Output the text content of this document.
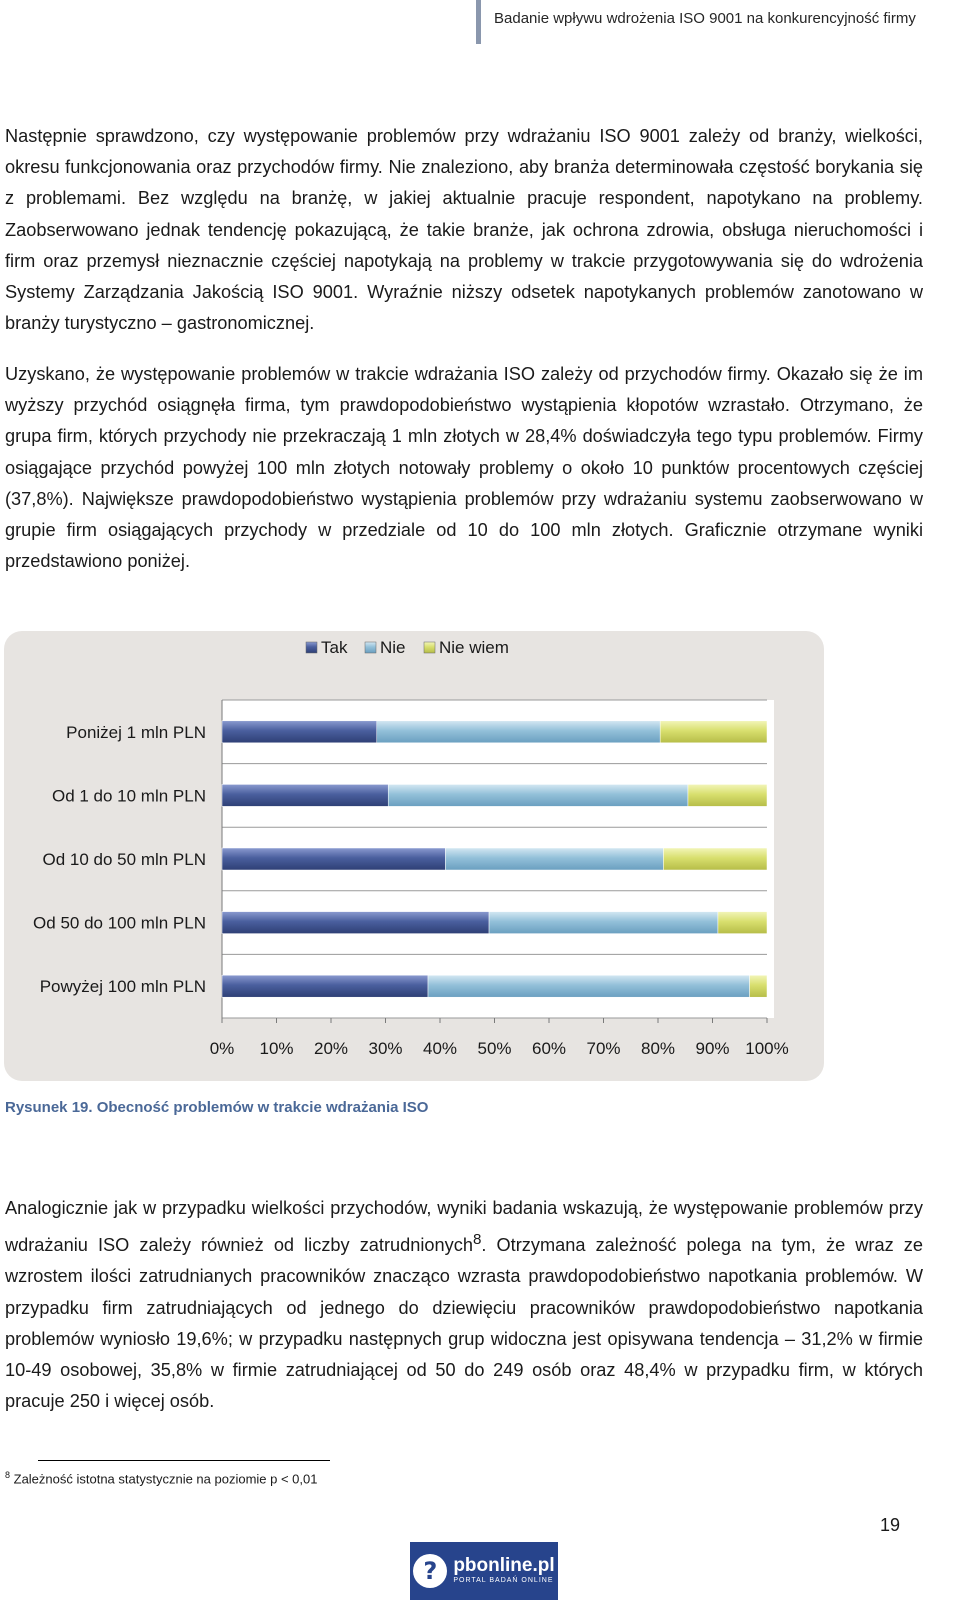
Badanie wpływu wdrożenia ISO 9001 na konkurencyjność firmy

Następnie sprawdzono, czy występowanie problemów przy wdrażaniu ISO 9001 zależy od branży, wielkości, okresu funkcjonowania oraz przychodów firmy. Nie znaleziono, aby branża determinowała częstość borykania się z problemami. Bez względu na branżę, w jakiej aktualnie pracuje respondent, napotykano na problemy. Zaobserwowano jednak tendencję pokazującą, że takie branże, jak ochrona zdrowia, obsługa nieruchomości i firm oraz przemysł nieznacznie częściej napotykają na problemy w trakcie przygotowywania się do wdrożenia Systemy Zarządzania Jakością ISO 9001. Wyraźnie niższy odsetek napotykanych problemów zanotowano w branży turystyczno – gastronomicznej.

Uzyskano, że występowanie problemów w trakcie wdrażania ISO zależy od przychodów firmy. Okazało się że im wyższy przychód osiągnęła firma, tym prawdopodobieństwo wystąpienia kłopotów wzrastało. Otrzymano, że grupa firm, których przychody nie przekraczają 1 mln złotych w 28,4% doświadczyła tego typu problemów. Firmy osiągające przychód powyżej 100 mln złotych notowały problemy o około 10 punktów procentowych częściej (37,8%). Największe prawdopodobieństwo wystąpienia problemów przy wdrażaniu systemu zaobserwowano w grupie firm osiągających przychody w przedziale od 10 do 100 mln złotych. Graficznie otrzymane wyniki przedstawiono poniżej.

Poniżej 1 mln PLN
Od 1 do 10 mln PLN
Od 10 do 50 mln PLN
Od 50 do 100 mln PLN
Powyżej 100 mln PLN
0% 10% 20% 30% 40% 50% 60% 70% 80% 90% 100%
Tak Nie Nie wiem
Rysunek 19. Obecność problemów w trakcie wdrażania ISO

Analogicznie jak w przypadku wielkości przychodów, wyniki badania wskazują, że występowanie problemów przy wdrażaniu ISO zależy również od liczby zatrudnionych$^8$. Otrzymana zależność polega na tym, że wraz ze wzrostem ilości zatrudnianych pracowników znacząco wzrasta prawdopodobieństwo napotkania problemów. W przypadku firm zatrudniających od jednego do dziewięciu pracowników prawdopodobieństwo napotkania problemów wyniosło 19,6%; w przypadku następnych grup widoczna jest opisywana tendencja – 31,2% w firmie 10-49 osobowej, 35,8% w firmie zatrudniającej od 50 do 249 osób oraz 48,4% w przypadku firm, w których pracuje 250 i więcej osób.

$^8$ Zależność istotna statystycznie na poziomie p < 0,01
19
? pbonline.pl
PORTAL BADAŃ ONLINE
